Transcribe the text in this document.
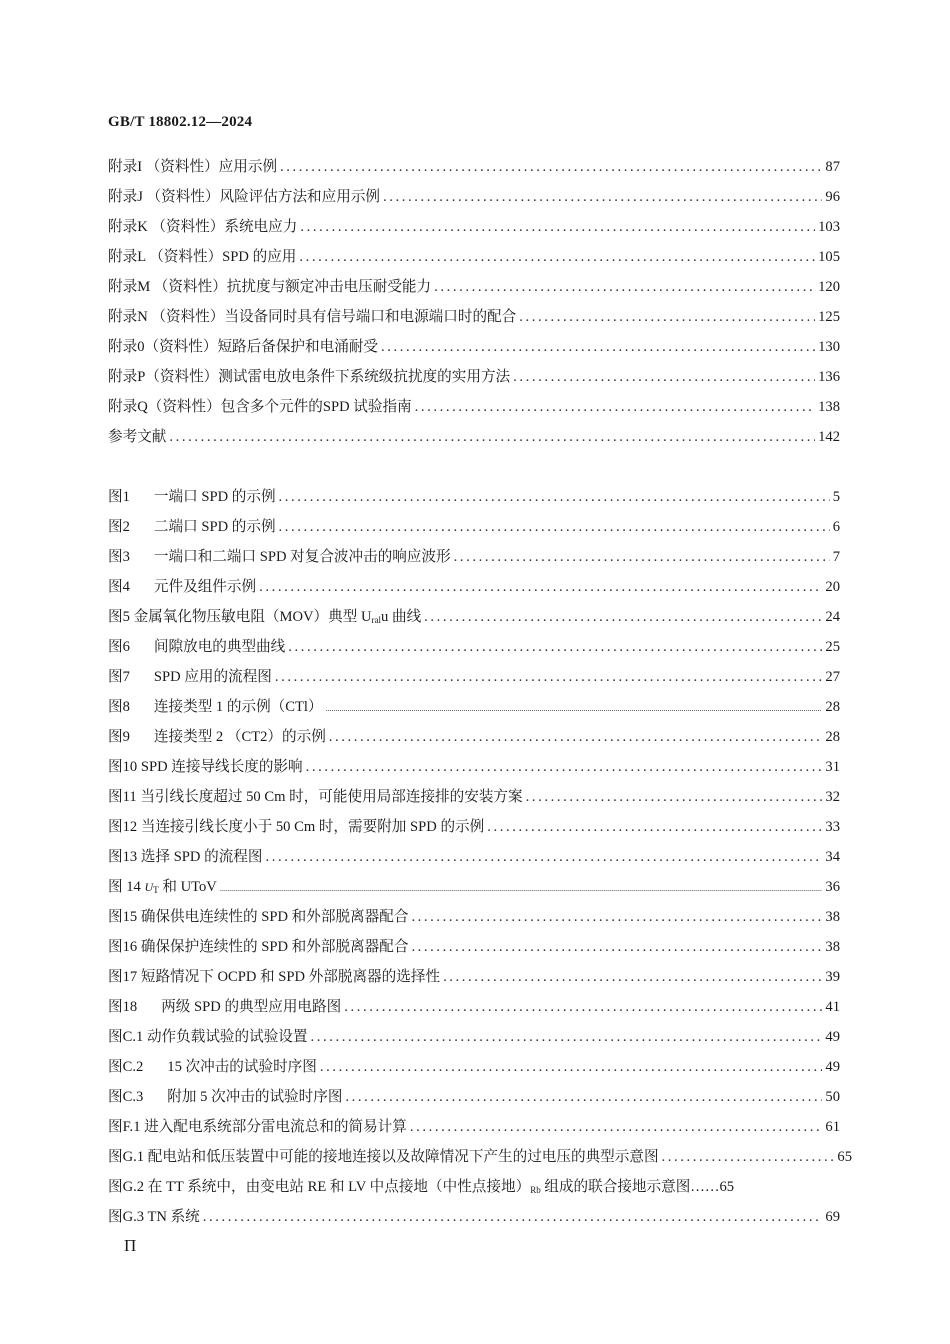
GB/T 18802.12—2024
附录I （资料性）应用示例 .....	87
附录J （资料性）风险评估方法和应用示例 .....	96
附录K （资料性）系统电应力 .....	103
附录L （资料性）SPD 的应用 .....	105
附录M （资料性）抗扰度与额定冲击电压耐受能力 .....	120
附录N （资料性）当设备同时具有信号端口和电源端口时的配合 .....	125
附录0（资料性）短路后备保护和电涌耐受 .....	130
附录P（资料性）测试雷电放电条件下系统级抗扰度的实用方法 .....	136
附录Q（资料性）包含多个元件的SPD 试验指南 .....	138
参考文献 .....	142
图1 一端口 SPD 的示例 .....	5
图2 二端口 SPD 的示例 .....	6
图3 一端口和二端口 SPD 对复合波冲击的响应波形 .....	7
图4 元件及组件示例 .....	20
图5 金属氧化物压敏电阻（MOV）典型 $U_{ral}u$ 曲线 .....	24
图6 间隙放电的典型曲线 .....	25
图7 SPD 应用的流程图 .....	27
图8 连接类型 1 的示例（CTl） .....	28
图9 连接类型 2 （CT2）的示例 .....	28
图10 SPD 连接导线长度的影响 .....	31
图11 当引线长度超过 50 Cm 时，可能使用局部连接排的安装方案 .....	32
图12 当连接引线长度小于 50 Cm 时，需要附加 SPD 的示例 .....	33
图13 选择 SPD 的流程图 .....	34
图 14 $U_T$ 和 UToV .....	36
图15 确保供电连续性的 SPD 和外部脱离器配合 .....	38
图16 确保保护连续性的 SPD 和外部脱离器配合 .....	38
图17 短路情况下 OCPD 和 SPD 外部脱离器的选择性 .....	39
图18 两级 SPD 的典型应用电路图 .....	41
图C.1 动作负载试验的试验设置 .....	49
图C.2 15 次冲击的试验时序图 .....	49
图C.3 附加 5 次冲击的试验时序图 .....	50
图F.1 进入配电系统部分雷电流总和的简易计算 .....	61
图G.1 配电站和低压装置中可能的接地连接以及故障情况下产生的过电压的典型示意图 .....	65
图G.2 在 TT 系统中，由变电站 RE 和 LV 中点接地（中性点接地）$_{Rb}$ 组成的联合接地示意图……65
图G.3 TN 系统 .....	69
Π
